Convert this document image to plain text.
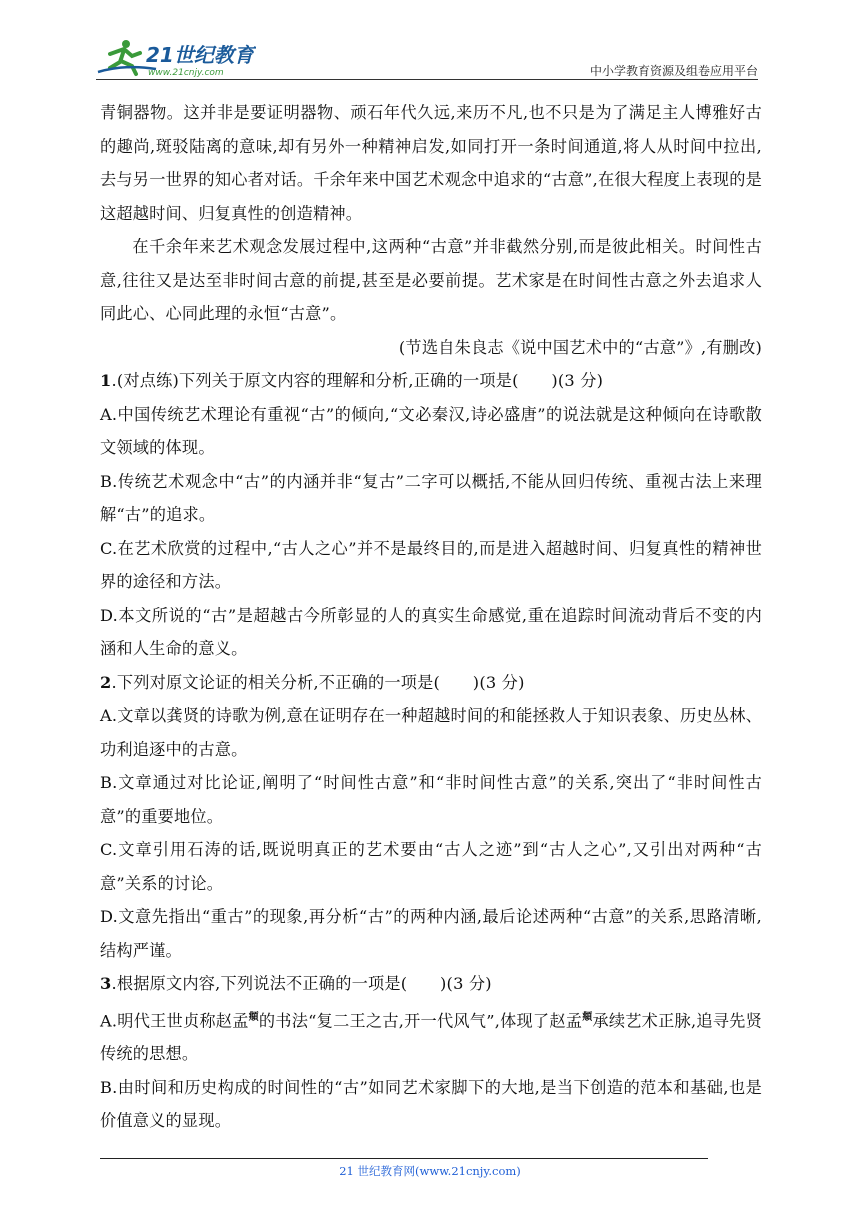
21世纪教育
www.21cnjy.com	中小学教育资源及组卷应用平台

青铜器物。这并非是要证明器物、顽石年代久远,来历不凡,也不只是为了满足主人博雅好古的趣尚,斑驳陆离的意味,却有另外一种精神启发,如同打开一条时间通道,将人从时间中拉出,去与另一世界的知心者对话。千余年来中国艺术观念中追求的“古意”,在很大程度上表现的是这超越时间、归复真性的创造精神。

在千余年来艺术观念发展过程中,这两种“古意”并非截然分别,而是彼此相关。时间性古意,往往又是达至非时间古意的前提,甚至是必要前提。艺术家是在时间性古意之外去追求人同此心、心同此理的永恒“古意”。

(节选自朱良志《说中国艺术中的“古意”》,有删改)

1.(对点练)下列关于原文内容的理解和分析,正确的一项是(　　)(3 分)

A.中国传统艺术理论有重视“古”的倾向,“文必秦汉,诗必盛唐”的说法就是这种倾向在诗歌散文领域的体现。

B.传统艺术观念中“古”的内涵并非“复古”二字可以概括,不能从回归传统、重视古法上来理解“古”的追求。

C.在艺术欣赏的过程中,“古人之心”并不是最终目的,而是进入超越时间、归复真性的精神世界的途径和方法。

D.本文所说的“古”是超越古今所彰显的人的真实生命感觉,重在追踪时间流动背后不变的内涵和人生命的意义。

2.下列对原文论证的相关分析,不正确的一项是(　　)(3 分)

A.文章以龚贤的诗歌为例,意在证明存在一种超越时间的和能拯救人于知识表象、历史丛林、功利追逐中的古意。

B.文章通过对比论证,阐明了“时间性古意”和“非时间性古意”的关系,突出了“非时间性古意”的重要地位。

C.文章引用石涛的话,既说明真正的艺术要由“古人之迹”到“古人之心”,又引出对两种“古意”关系的讨论。

D.文意先指出“重古”的现象,再分析“古”的两种内涵,最后论述两种“古意”的关系,思路清晰,结构严谨。

3.根据原文内容,下列说法不正确的一项是(　　)(3 分)

A.明代王世贞称赵孟$^頫$的书法“复二王之古,开一代风气”,体现了赵孟$^頫$承续艺术正脉,追寻先贤传统的思想。

B.由时间和历史构成的时间性的“古”如同艺术家脚下的大地,是当下创造的范本和基础,也是价值意义的显现。

21 世纪教育网(www.21cnjy.com)
